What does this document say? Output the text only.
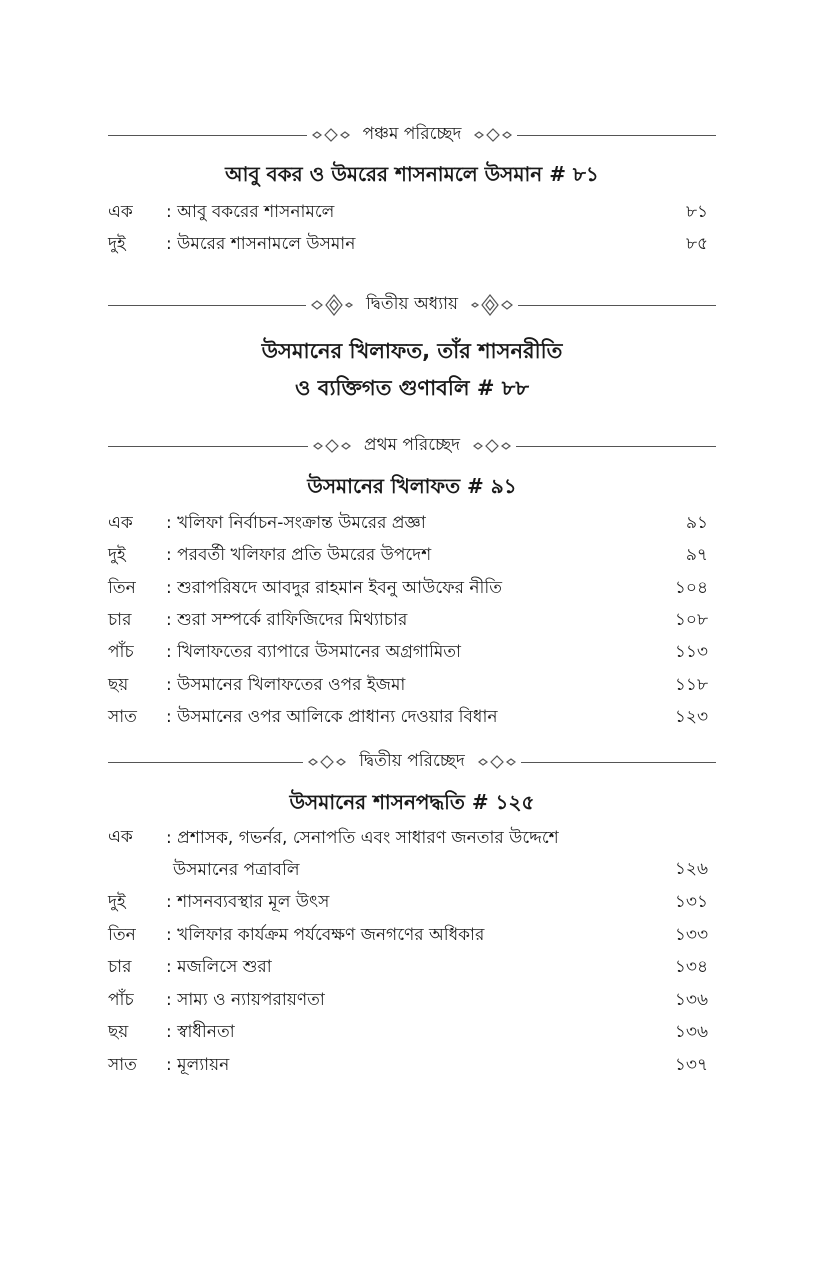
পঞ্চম পরিচ্ছেদ
আবু বকর ও উমরের শাসনামলে উসমান # ৮১
এক : আবু বকরের শাসনামলে	৮১
দুই : উমরের শাসনামলে উসমান	৮৫
দ্বিতীয় অধ্যায়
উসমানের খিলাফত, তাঁর শাসনরীতি
ও ব্যক্তিগত গুণাবলি # ৮৮
প্রথম পরিচ্ছেদ
উসমানের খিলাফত # ৯১
এক : খলিফা নির্বাচন-সংক্রান্ত উমরের প্রজ্ঞা	৯১
দুই : পরবর্তী খলিফার প্রতি উমরের উপদেশ	৯৭
তিন : শুরাপরিষদে আবদুর রাহমান ইবনু আউফের নীতি	১০৪
চার : শুরা সম্পর্কে রাফিজিদের মিথ্যাচার	১০৮
পাঁচ : খিলাফতের ব্যাপারে উসমানের অগ্রগামিতা	১১৩
ছয় : উসমানের খিলাফতের ওপর ইজমা	১১৮
সাত : উসমানের ওপর আলিকে প্রাধান্য দেওয়ার বিধান	১২৩
দ্বিতীয় পরিচ্ছেদ
উসমানের শাসনপদ্ধতি # ১২৫
এক : প্রশাসক, গভর্নর, সেনাপতি এবং সাধারণ জনতার উদ্দেশে
উসমানের পত্রাবলি	১২৬
দুই : শাসনব্যবস্থার মূল উৎস	১৩১
তিন : খলিফার কার্যক্রম পর্যবেক্ষণ জনগণের অধিকার	১৩৩
চার : মজলিসে শুরা	১৩৪
পাঁচ : সাম্য ও ন্যায়পরায়ণতা	১৩৬
ছয় : স্বাধীনতা	১৩৬
সাত : মূল্যায়ন	১৩৭
